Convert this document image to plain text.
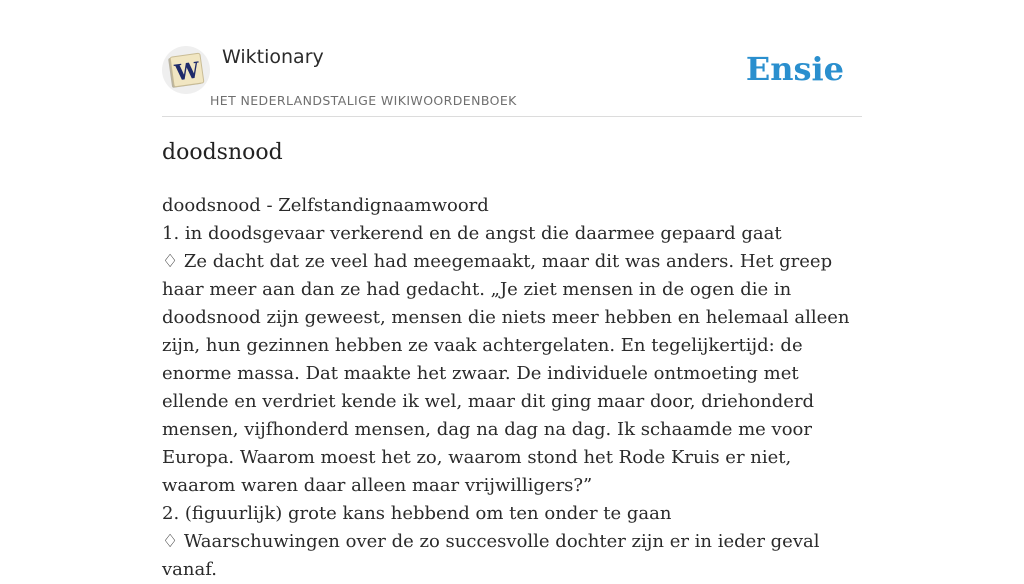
W
Wiktionary
HET NEDERLANDSTALIGE WIKIWOORDENBOEK
Ensie
doodsnood

doodsnood - Zelfstandignaamwoord

1. in doodsgevaar verkerend en de angst die daarmee gepaard gaat

♢ Ze dacht dat ze veel had meegemaakt, maar dit was anders. Het greep haar meer aan dan ze had gedacht. „Je ziet mensen in de ogen die in doodsnood zijn geweest, mensen die niets meer hebben en helemaal alleen zijn, hun gezinnen hebben ze vaak achtergelaten. En tegelijkertijd: de enorme massa. Dat maakte het zwaar. De individuele ontmoeting met ellende en verdriet kende ik wel, maar dit ging maar door, driehonderd mensen, vijfhonderd mensen, dag na dag na dag. Ik schaamde me voor Europa. Waarom moest het zo, waarom stond het Rode Kruis er niet, waarom waren daar alleen maar vrijwilligers?”

2. (figuurlijk) grote kans hebbend om ten onder te gaan

♢ Waarschuwingen over de zo succesvolle dochter zijn er in ieder geval vanaf.
